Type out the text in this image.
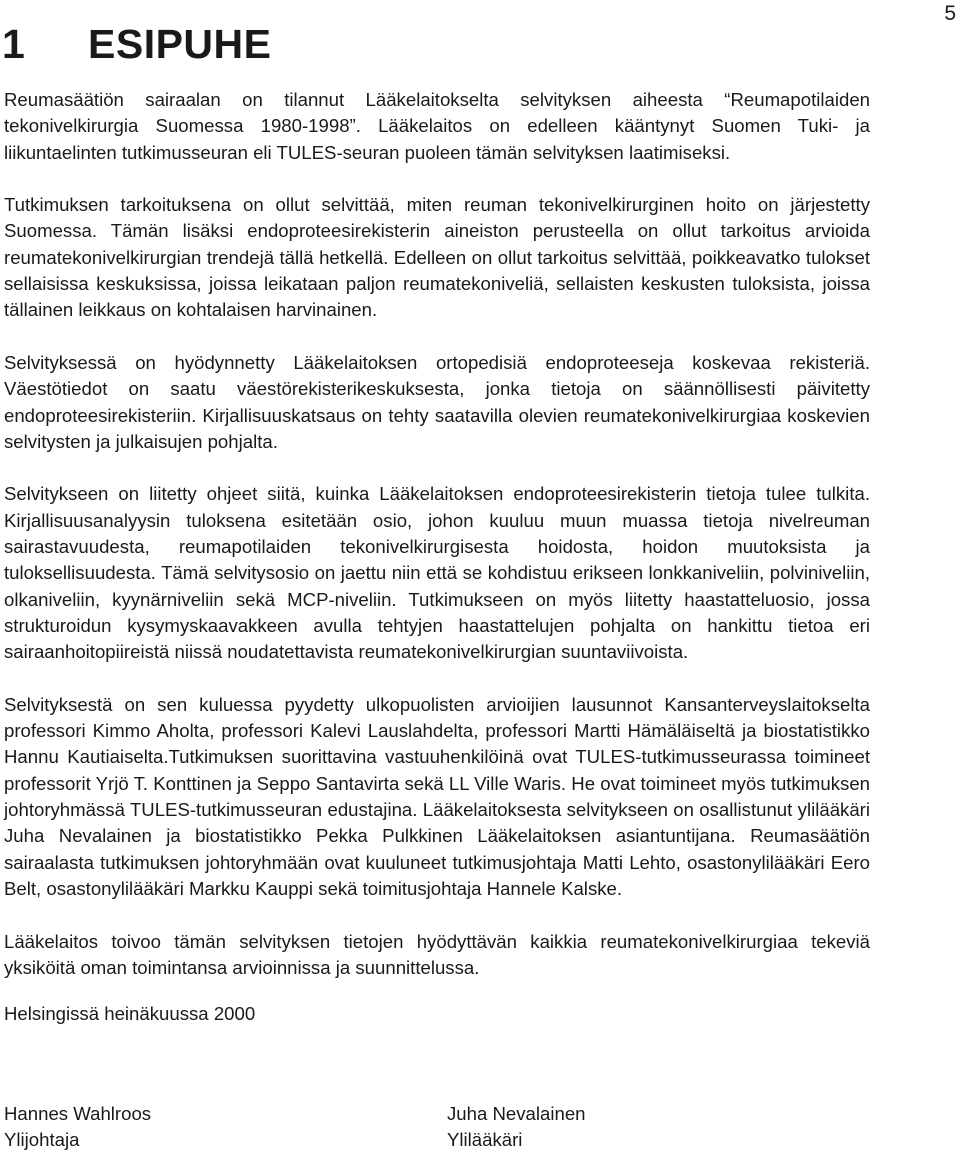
5
1 ESIPUHE

Reumasäätiön sairaalan on tilannut Lääkelaitokselta selvityksen aiheesta “Reumapotilaiden tekonivelkirurgia Suomessa 1980-1998”. Lääkelaitos on edelleen kääntynyt Suomen Tuki- ja liikuntaelinten tutkimusseuran eli TULES-seuran puoleen tämän selvityksen laatimiseksi.

Tutkimuksen tarkoituksena on ollut selvittää, miten reuman tekonivelkirurginen hoito on järjestetty Suomessa. Tämän lisäksi endoproteesirekisterin aineiston perusteella on ollut tarkoitus arvioida reumatekonivelkirurgian trendejä tällä hetkellä. Edelleen on ollut tarkoitus selvittää, poikkeavatko tulokset sellaisissa keskuksissa, joissa leikataan paljon reumatekoniveliä, sellaisten keskusten tuloksista, joissa tällainen leikkaus on kohtalaisen harvinainen.

Selvityksessä on hyödynnetty Lääkelaitoksen ortopedisiä endoproteeseja koskevaa rekisteriä. Väestötiedot on saatu väestörekisterikeskuksesta, jonka tietoja on säännöllisesti päivitetty endoproteesirekisteriin. Kirjallisuuskatsaus on tehty saatavilla olevien reumatekonivelkirurgiaa koskevien selvitysten ja julkaisujen pohjalta.

Selvitykseen on liitetty ohjeet siitä, kuinka Lääkelaitoksen endoproteesirekisterin tietoja tulee tulkita. Kirjallisuusanalyysin tuloksena esitetään osio, johon kuuluu muun muassa tietoja nivelreuman sairastavuudesta, reumapotilaiden tekonivelkirurgisesta hoidosta, hoidon muutoksista ja tuloksellisuudesta. Tämä selvitysosio on jaettu niin että se kohdistuu erikseen lonkkaniveliin, polviniveliin, olkaniveliin, kyynärniveliin sekä MCP-niveliin. Tutkimukseen on myös liitetty haastatteluosio, jossa strukturoidun kysymyskaavakkeen avulla tehtyjen haastattelujen pohjalta on hankittu tietoa eri sairaanhoitopiireistä niissä noudatettavista reumatekonivelkirurgian suuntaviivoista.

Selvityksestä on sen kuluessa pyydetty ulkopuolisten arvioijien lausunnot Kansanterveyslaitokselta professori Kimmo Aholta, professori Kalevi Lauslahdelta, professori Martti Hämäläiseltä ja biostatistikko Hannu Kautiaiselta.Tutkimuksen suorittavina vastuuhenkilöinä ovat TULES-tutkimusseurassa toimineet professorit Yrjö T. Konttinen ja Seppo Santavirta sekä LL Ville Waris. He ovat toimineet myös tutkimuksen johtoryhmässä TULES-tutkimusseuran edustajina. Lääkelaitoksesta selvitykseen on osallistunut ylilääkäri Juha Nevalainen ja biostatistikko Pekka Pulkkinen Lääkelaitoksen asiantuntijana. Reumasäätiön sairaalasta tutkimuksen johtoryhmään ovat kuuluneet tutkimusjohtaja Matti Lehto, osastonylilääkäri Eero Belt, osastonylilääkäri Markku Kauppi sekä toimitusjohtaja Hannele Kalske.

Lääkelaitos toivoo tämän selvityksen tietojen hyödyttävän kaikkia reumatekonivelkirurgiaa tekeviä yksiköitä oman toimintansa arvioinnissa ja suunnittelussa.

Helsingissä heinäkuussa 2000
Hannes Wahlroos
Ylijohtaja
Juha Nevalainen
Ylilääkäri
